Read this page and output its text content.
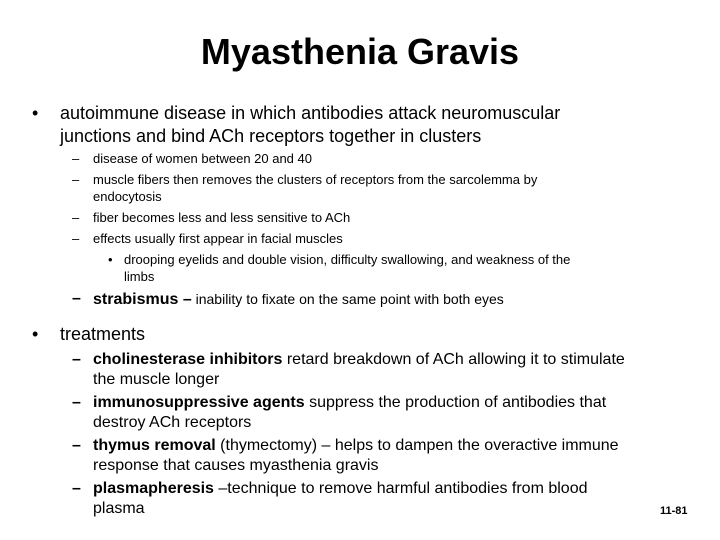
Myasthenia Gravis
• autoimmune disease in which antibodies attack neuromuscular
junctions and bind ACh receptors together in clusters
– disease of women between 20 and 40
– muscle fibers then removes the clusters of receptors from the sarcolemma by
endocytosis
– fiber becomes less and less sensitive to ACh
– effects usually first appear in facial muscles
• drooping eyelids and double vision, difficulty swallowing, and weakness of the
limbs
– strabismus – inability to fixate on the same point with both eyes
• treatments
– cholinesterase inhibitors retard breakdown of ACh allowing it to stimulate
the muscle longer
– immunosuppressive agents suppress the production of antibodies that
destroy ACh receptors
– thymus removal (thymectomy) – helps to dampen the overactive immune
response that causes myasthenia gravis
– plasmapheresis –technique to remove harmful antibodies from blood
plasma	11-81
